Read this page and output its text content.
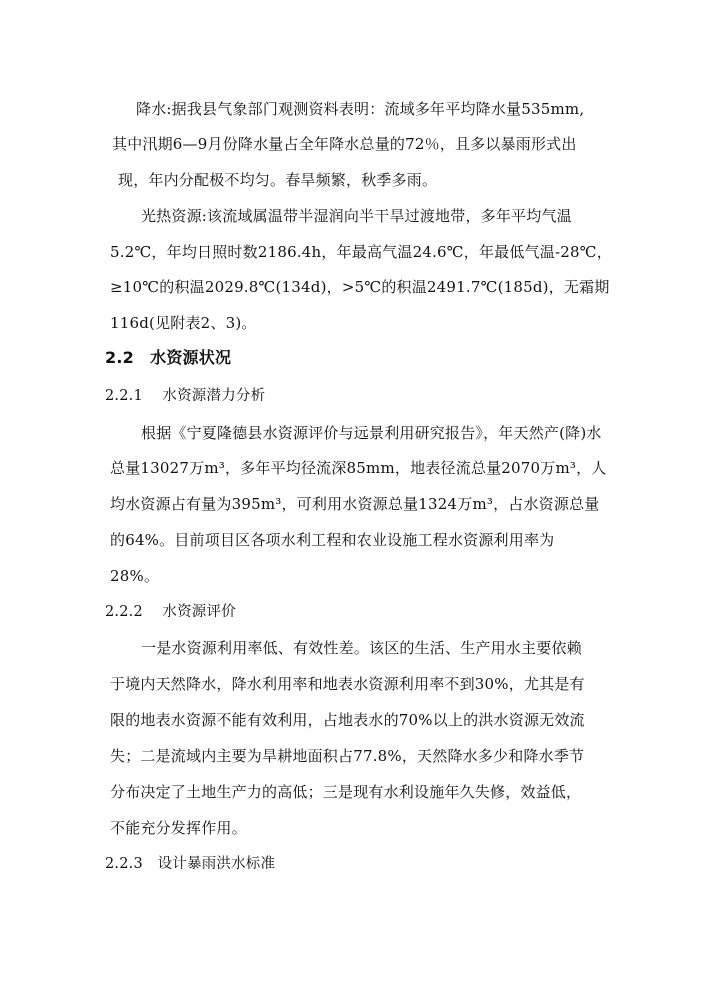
降水:据我县气象部门观测资料表明：流域多年平均降水量535mm,
其中汛期6—9月份降水量占全年降水总量的72％，且多以暴雨形式出
现，年内分配极不均匀。春旱频繁，秋季多雨。
光热资源:该流域属温带半湿润向半干旱过渡地带，多年平均气温
5.2℃，年均日照时数2186.4h，年最高气温24.6℃，年最低气温-28℃，
≥10℃的积温2029.8℃(134d)，>5℃的积温2491.7℃(185d)，无霜期
116d(见附表2、3)。
2.2　水资源状况
2.2.1　 水资源潜力分析
根据《宁夏隆德县水资源评价与远景利用研究报告》，年天然产(降)水
总量13027万m³，多年平均径流深85mm，地表径流总量2070万m³，人
均水资源占有量为395m³，可利用水资源总量1324万m³，占水资源总量
的64%。目前项目区各项水利工程和农业设施工程水资源利用率为
28%。
2.2.2　 水资源评价
一是水资源利用率低、有效性差。该区的生活、生产用水主要依赖
于境内天然降水，降水利用率和地表水资源利用率不到30%，尤其是有
限的地表水资源不能有效利用，占地表水的70%以上的洪水资源无效流
失；二是流域内主要为旱耕地面积占77.8%，天然降水多少和降水季节
分布决定了土地生产力的高低；三是现有水利设施年久失修，效益低，
不能充分发挥作用。
2.2.3　设计暴雨洪水标准
